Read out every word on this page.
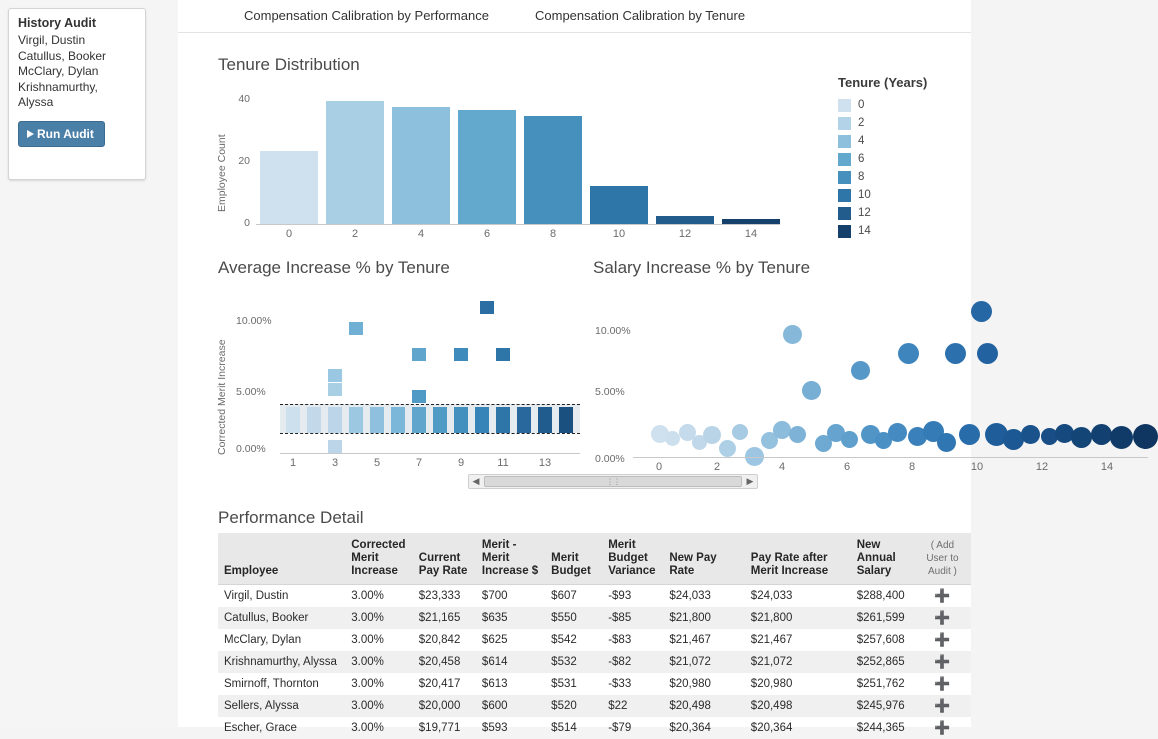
History Audit
Virgil, Dustin
Catullus, Booker
McClary, Dylan
Krishnamurthy,
Alyssa
Run Audit
Compensation Calibration by Performance	Compensation Calibration by Tenure
Tenure Distribution
Employee Count
40
20
0
0	2	4	6	8	10	12	14
Tenure (Years)
0
2
4
6
8
10
12
14
Average Increase % by Tenure
Corrected Merit Increase
10.00%
5.00%
0.00%
1	3	5	7	9	11	13
◀ ⋮⋮	▶
Salary Increase % by Tenure
10.00%
5.00%
0.00%
0	2	4	6	8	10	12	14
Performance Detail
Employee	Corrected Merit Increase	Current Pay Rate	Merit - Merit Increase $	Merit Budget	Merit Budget Variance	New Pay Rate	Pay Rate after Merit Increase	New Annual Salary	( Add User to Audit )
Virgil, Dustin	3.00%	$23,333	$700	$607	-$93	$24,033	$24,033	$288,400	➕
Catullus, Booker	3.00%	$21,165	$635	$550	-$85	$21,800	$21,800	$261,599	➕
McClary, Dylan	3.00%	$20,842	$625	$542	-$83	$21,467	$21,467	$257,608	➕
Krishnamurthy, Alyssa	3.00%	$20,458	$614	$532	-$82	$21,072	$21,072	$252,865	➕
Smirnoff, Thornton	3.00%	$20,417	$613	$531	-$33	$20,980	$20,980	$251,762	➕
Sellers, Alyssa	3.00%	$20,000	$600	$520	$22	$20,498	$20,498	$245,976	➕
Escher, Grace	3.00%	$19,771	$593	$514	-$79	$20,364	$20,364	$244,365	➕
